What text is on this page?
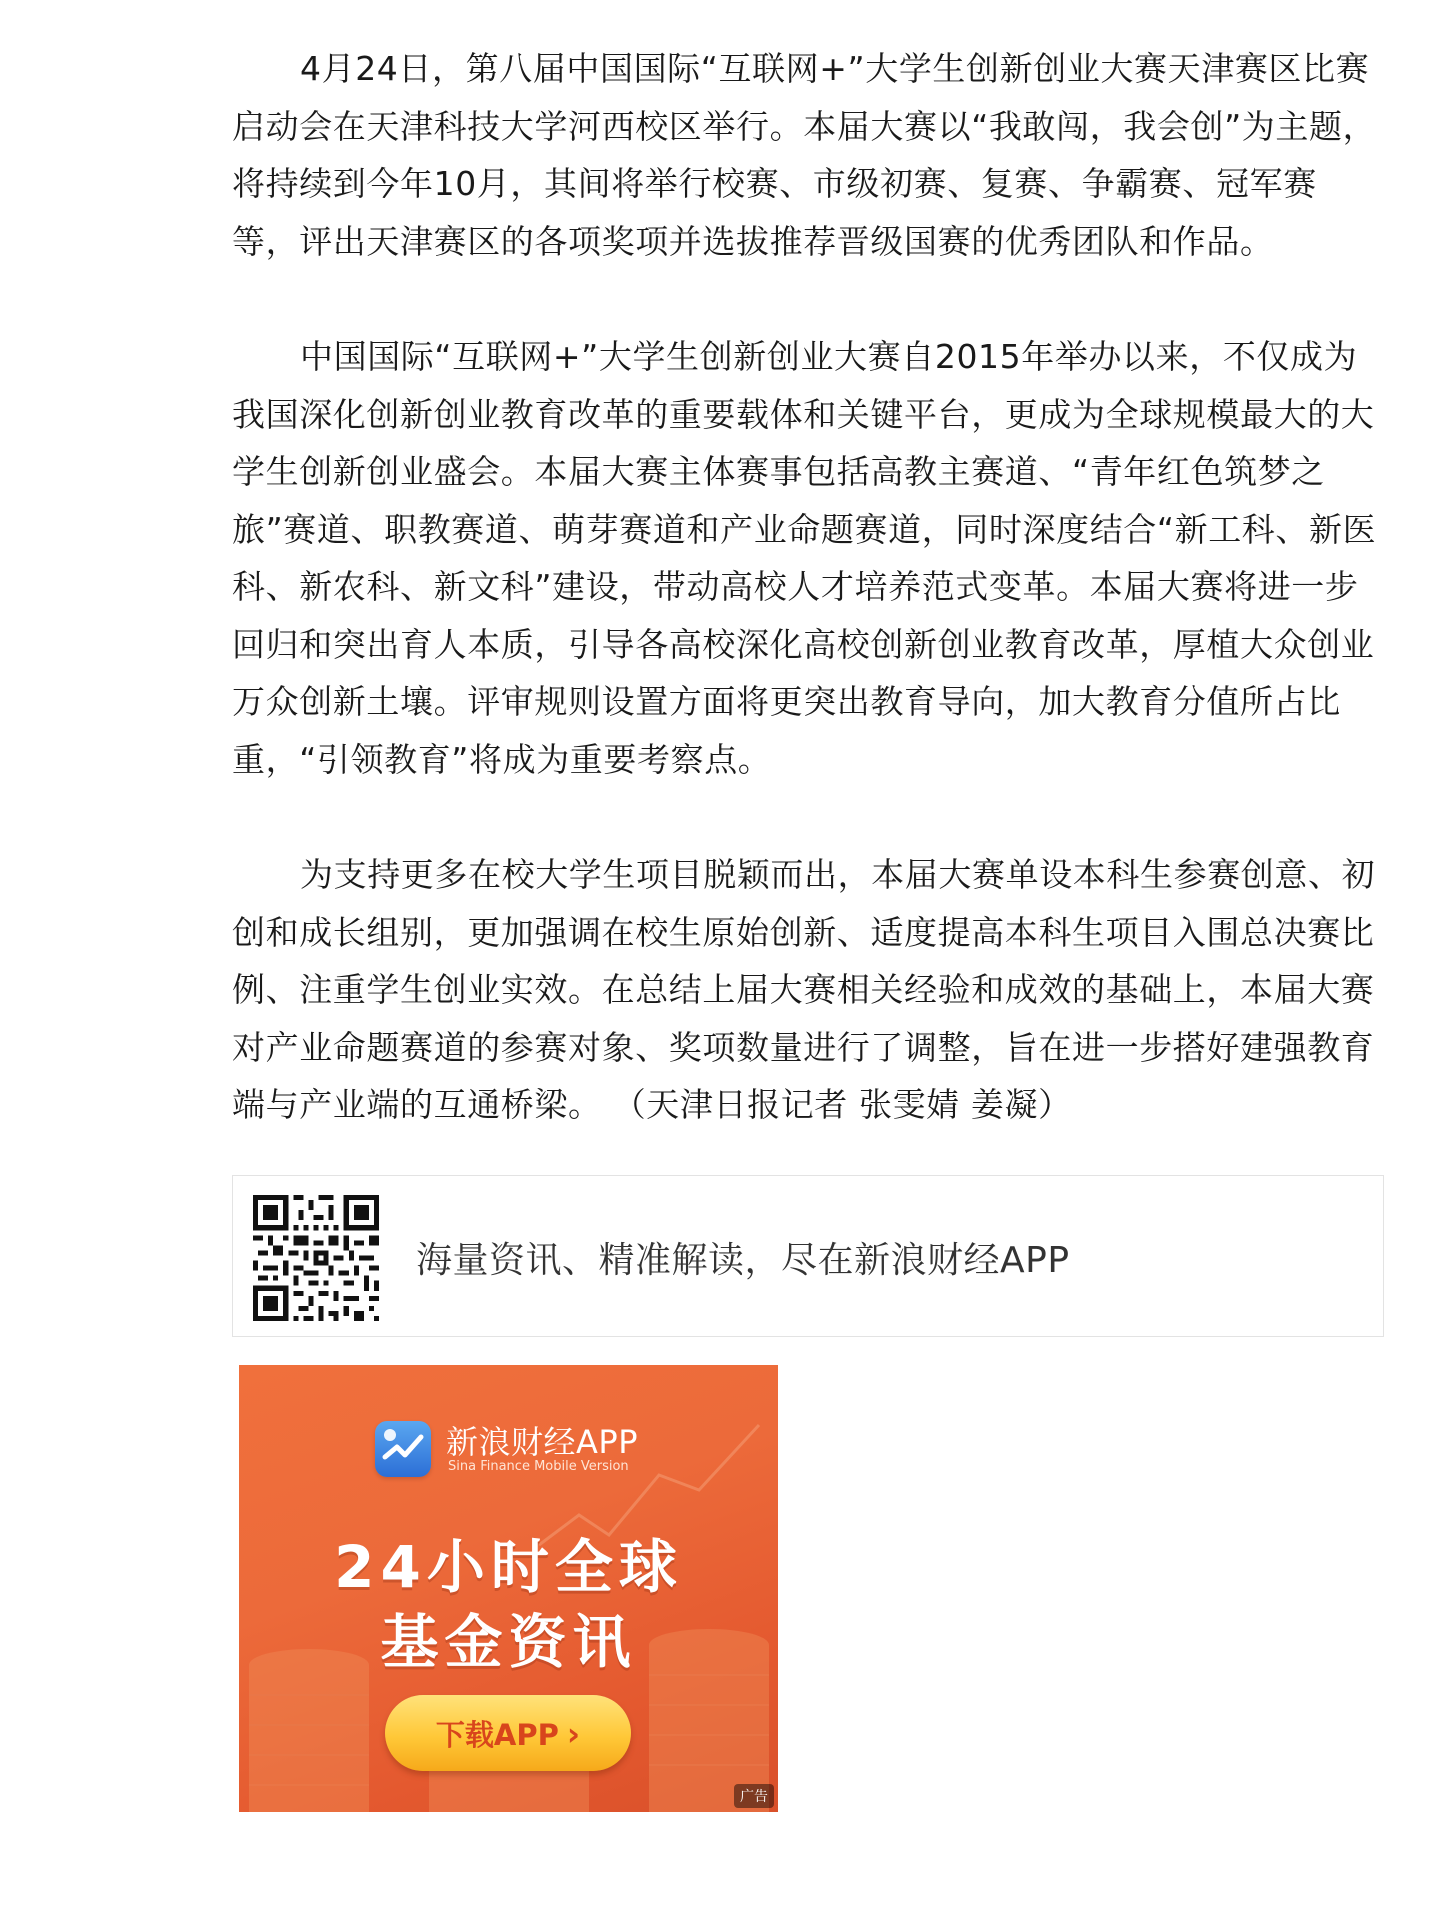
4月24日，第八届中国国际“互联网+”大学生创新创业大赛天津赛区比赛启动会在天津科技大学河西校区举行。本届大赛以“我敢闯，我会创”为主题，将持续到今年10月，其间将举行校赛、市级初赛、复赛、争霸赛、冠军赛等，评出天津赛区的各项奖项并选拔推荐晋级国赛的优秀团队和作品。

中国国际“互联网+”大学生创新创业大赛自2015年举办以来，不仅成为我国深化创新创业教育改革的重要载体和关键平台，更成为全球规模最大的大学生创新创业盛会。本届大赛主体赛事包括高教主赛道、“青年红色筑梦之旅”赛道、职教赛道、萌芽赛道和产业命题赛道，同时深度结合“新工科、新医科、新农科、新文科”建设，带动高校人才培养范式变革。本届大赛将进一步回归和突出育人本质，引导各高校深化高校创新创业教育改革，厚植大众创业万众创新土壤。评审规则设置方面将更突出教育导向，加大教育分值所占比重，“引领教育”将成为重要考察点。

为支持更多在校大学生项目脱颖而出，本届大赛单设本科生参赛创意、初创和成长组别，更加强调在校生原始创新、适度提高本科生项目入围总决赛比例、注重学生创业实效。在总结上届大赛相关经验和成效的基础上，本届大赛对产业命题赛道的参赛对象、奖项数量进行了调整，旨在进一步搭好建强教育端与产业端的互通桥梁。 （天津日报记者 张雯婧 姜凝）

海量资讯、精准解读，尽在新浪财经APP
新浪财经APP
Sina Finance Mobile Version
24小时全球
基金资讯
下载APP ›
广告
